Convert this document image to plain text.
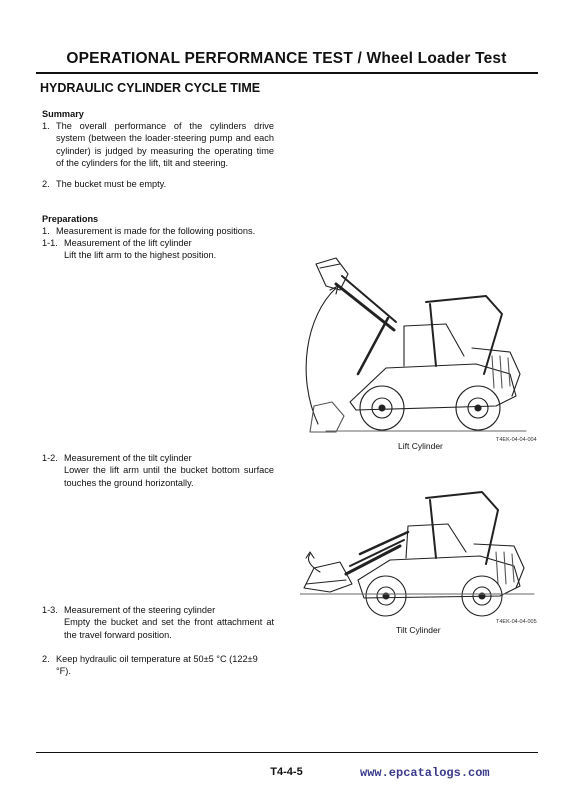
OPERATIONAL PERFORMANCE TEST / Wheel Loader Test
HYDRAULIC CYLINDER CYCLE TIME
Summary
1. The overall performance of the cylinders drive system (between the loader·steering pump and each cylinder) is judged by measuring the operating time of the cylinders for the lift, tilt and steering.
2. The bucket must be empty.
Preparations
1. Measurement is made for the following positions.
1-1. Measurement of the lift cylinder
Lift the lift arm to the highest position.
1-2. Measurement of the tilt cylinder
Lower the lift arm until the bucket bottom surface touches the ground horizontally.
1-3. Measurement of the steering cylinder
Empty the bucket and set the front attachment at the travel forward position.
2. Keep hydraulic oil temperature at 50±5 °C (122±9 °F).
Lift Cylinder
T4EK-04-04-004
Tilt Cylinder
T4EK-04-04-005
T4-4-5	www.epcatalogs.com
